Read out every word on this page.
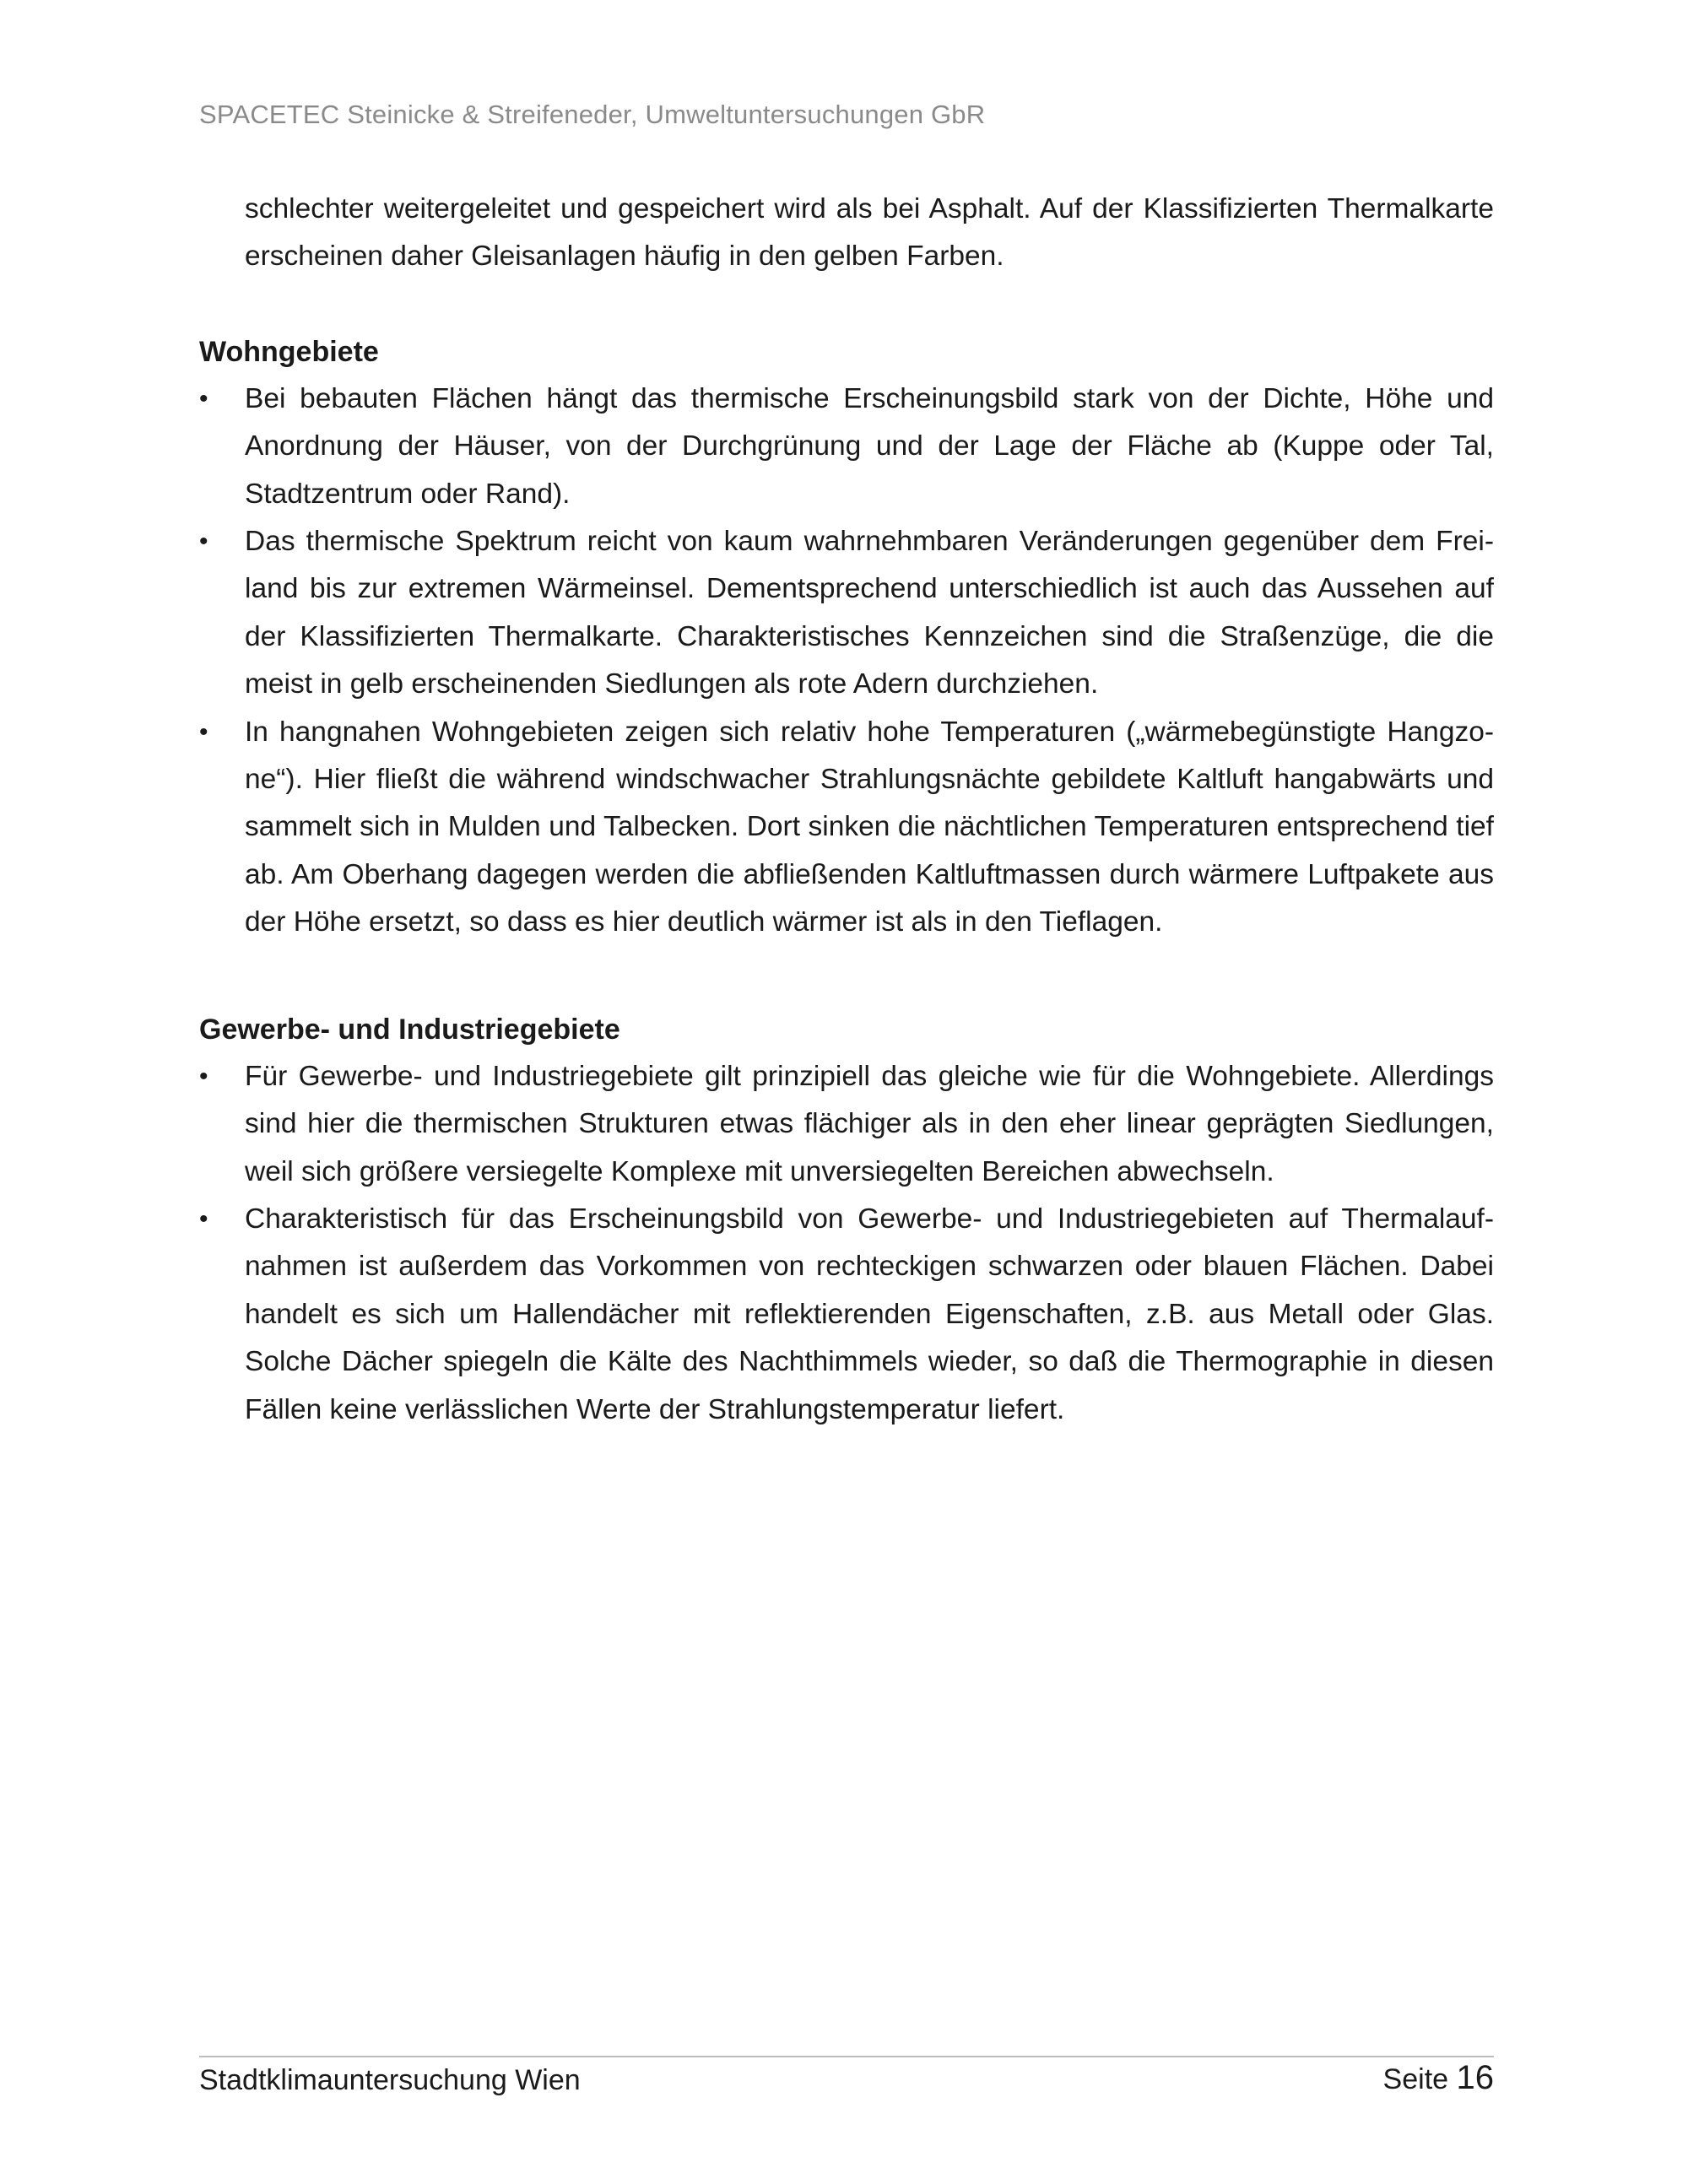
SPACETEC Steinicke & Streifeneder, Umweltuntersuchungen GbR

schlechter weitergeleitet und gespeichert wird als bei Asphalt. Auf der Klassifizierten Thermalkarte erscheinen daher Gleisanlagen häufig in den gelben Farben.

Wohngebiete
•	Bei bebauten Flächen hängt das thermische Erscheinungsbild stark von der Dichte, Höhe und Anordnung der Häuser, von der Durchgrünung und der Lage der Fläche ab (Kuppe oder Tal, Stadtzentrum oder Rand).
•	Das thermische Spektrum reicht von kaum wahrnehmbaren Veränderungen gegenüber dem Freiland bis zur extremen Wärmeinsel. Dementsprechend unterschiedlich ist auch das Aussehen auf der Klassifizierten Thermalkarte. Charakteristisches Kennzeichen sind die Straßenzüge, die die meist in gelb erscheinenden Siedlungen als rote Adern durchziehen.
•	In hangnahen Wohngebieten zeigen sich relativ hohe Temperaturen („wärmebegünstigte Hangzone“). Hier fließt die während windschwacher Strahlungsnächte gebildete Kaltluft hangabwärts und sammelt sich in Mulden und Talbecken. Dort sinken die nächtlichen Temperaturen entsprechend tief ab. Am Oberhang dagegen werden die abfließenden Kaltluftmassen durch wärmere Luftpakete aus der Höhe ersetzt, so dass es hier deutlich wärmer ist als in den Tieflagen.
Gewerbe- und Industriegebiete
•	Für Gewerbe- und Industriegebiete gilt prinzipiell das gleiche wie für die Wohngebiete. Allerdings sind hier die thermischen Strukturen etwas flächiger als in den eher linear geprägten Siedlungen, weil sich größere versiegelte Komplexe mit unversiegelten Bereichen abwechseln.
•	Charakteristisch für das Erscheinungsbild von Gewerbe- und Industriegebieten auf Thermalaufnahmen ist außerdem das Vorkommen von rechteckigen schwarzen oder blauen Flächen. Dabei handelt es sich um Hallendächer mit reflektierenden Eigenschaften, z.B. aus Metall oder Glas. Solche Dächer spiegeln die Kälte des Nachthimmels wieder, so daß die Thermographie in diesen Fällen keine verlässlichen Werte der Strahlungstemperatur liefert.
Stadtklimauntersuchung Wien	Seite 16
